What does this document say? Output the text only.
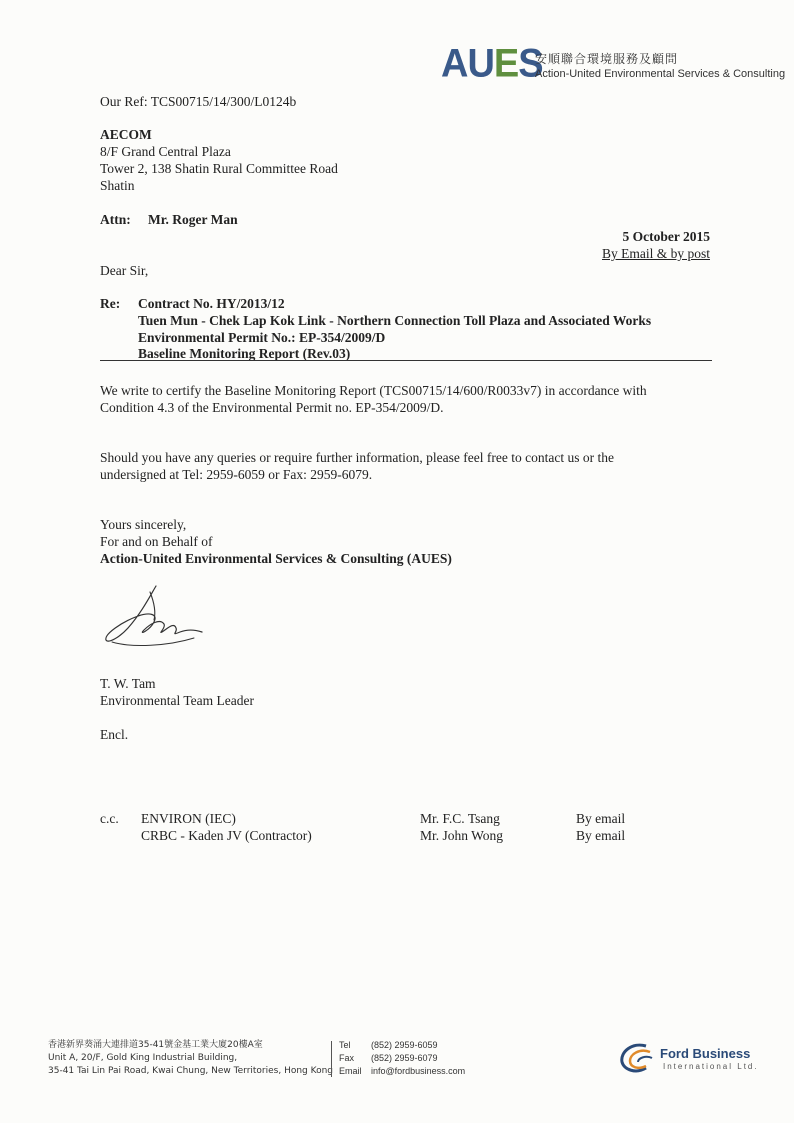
AU E S
安順聯合環境服務及顧問
Action-United Environmental Services & Consulting
Our Ref: TCS00715/14/300/L0124b
AECOM
8/F Grand Central Plaza
Tower 2, 138 Shatin Rural Committee Road
Shatin
Attn: Mr. Roger Man
5 October 2015
By Email & by post
Dear Sir,
Re: Contract No. HY/2013/12
Tuen Mun - Chek Lap Kok Link - Northern Connection Toll Plaza and Associated Works
Environmental Permit No.: EP-354/2009/D
Baseline Monitoring Report (Rev.03)
We write to certify the Baseline Monitoring Report (TCS00715/14/600/R0033v7) in accordance with
Condition 4.3 of the Environmental Permit no. EP-354/2009/D.
Should you have any queries or require further information, please feel free to contact us or the
undersigned at Tel: 2959-6059 or Fax: 2959-6079.
Yours sincerely,
For and on Behalf of
Action-United Environmental Services & Consulting (AUES)
T. W. Tam
Environmental Team Leader
Encl.
c.c. ENVIRON (IEC)	Mr. F.C. Tsang	By email
CRBC - Kaden JV (Contractor)	Mr. John Wong	By email
香港新界葵涌大連排道35-41號金基工業大廈20樓A室
Unit A, 20/F, Gold King Industrial Building,
35-41 Tai Lin Pai Road, Kwai Chung, New Territories, Hong Kong
Tel	(852) 2959-6059
Fax	(852) 2959-6079
Email	info@fordbusiness.com
Ford Business
International Ltd.
